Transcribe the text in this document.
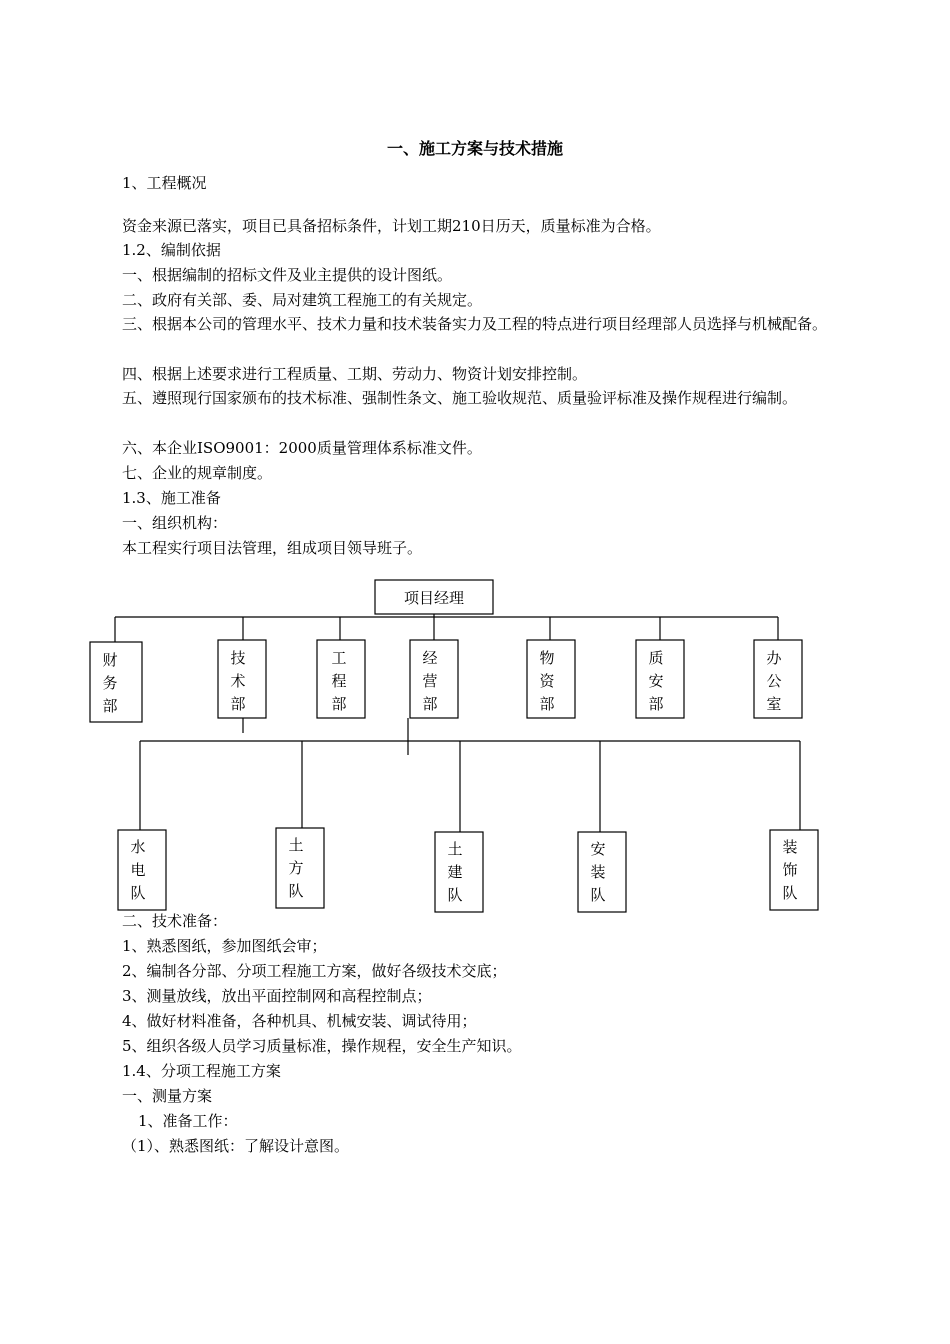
一、施工方案与技术措施
1、工程概况
资金来源已落实，项目已具备招标条件，计划工期210日历天，质量标准为合格。
1.2、编制依据
一、根据编制的招标文件及业主提供的设计图纸。
二、政府有关部、委、局对建筑工程施工的有关规定。
三、根据本公司的管理水平、技术力量和技术装备实力及工程的特点进行项目经理部人员选择与机械配备。
四、根据上述要求进行工程质量、工期、劳动力、物资计划安排控制。
五、遵照现行国家颁布的技术标准、强制性条文、施工验收规范、质量验评标准及操作规程进行编制。
六、本企业ISO9001：2000质量管理体系标准文件。
七、企业的规章制度。
1.3、施工准备
一、组织机构：
本工程实行项目法管理，组成项目领导班子。
项目经理
财
务
部
技
术
部
工
程
部
经
营
部
物
资
部
质
安
部
办
公
室
水
电
队
土
方
队
土
建
队
安
装
队
装
饰
队
二、技术准备：
1、熟悉图纸，参加图纸会审；
2、编制各分部、分项工程施工方案，做好各级技术交底；
3、测量放线，放出平面控制网和高程控制点；
4、做好材料准备，各种机具、机械安装、调试待用；
5、组织各级人员学习质量标准，操作规程，安全生产知识。
1.4、分项工程施工方案
一、测量方案
1、准备工作：
（1）、熟悉图纸：了解设计意图。
